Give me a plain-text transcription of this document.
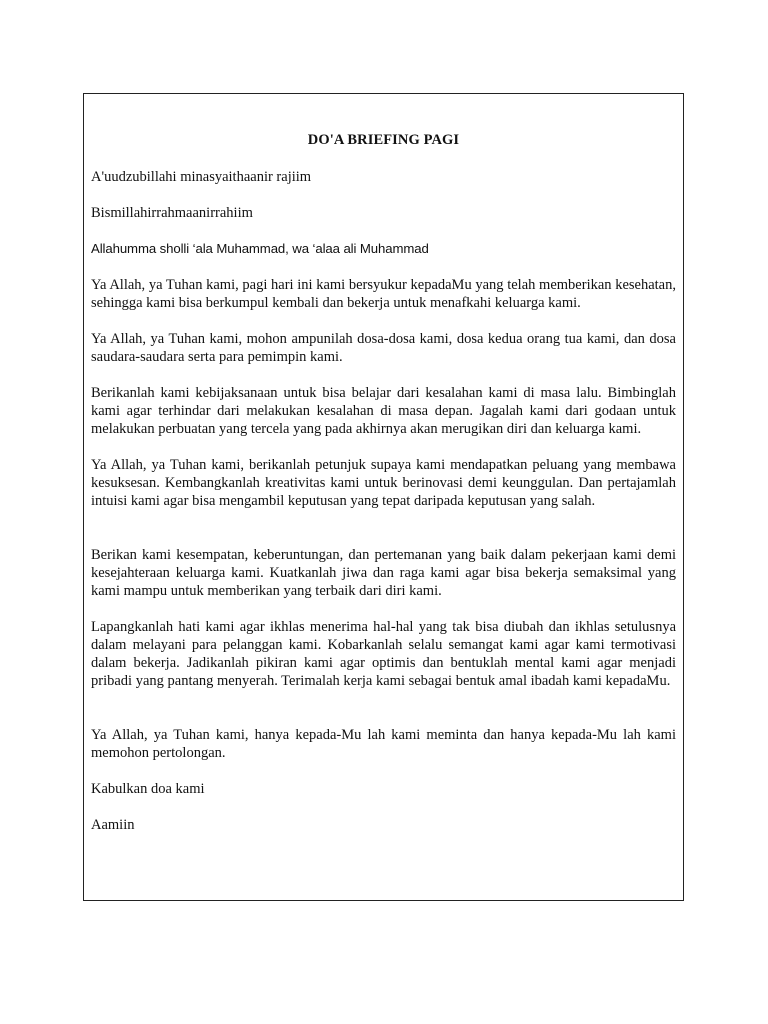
DO'A BRIEFING PAGI

A'uudzubillahi minasyaithaanir rajiim

Bismillahirrahmaanirrahiim

Allahumma sholli ‘ala Muhammad, wa ‘alaa ali Muhammad

Ya Allah, ya Tuhan kami, pagi hari ini kami bersyukur kepadaMu yang telah memberikan kesehatan, sehingga kami bisa berkumpul kembali dan bekerja untuk menafkahi keluarga kami.

Ya Allah, ya Tuhan kami, mohon ampunilah dosa-dosa kami, dosa kedua orang tua kami, dan dosa saudara-saudara serta para pemimpin kami.

Berikanlah kami kebijaksanaan untuk bisa belajar dari kesalahan kami di masa lalu. Bimbinglah kami agar terhindar dari melakukan kesalahan di masa depan. Jagalah kami dari godaan untuk melakukan perbuatan yang tercela yang pada akhirnya akan merugikan diri dan keluarga kami.

Ya Allah, ya Tuhan kami, berikanlah petunjuk supaya kami mendapatkan peluang yang membawa kesuksesan. Kembangkanlah kreativitas kami untuk berinovasi demi keunggulan. Dan pertajamlah intuisi kami agar bisa mengambil keputusan yang tepat daripada keputusan yang salah.

Berikan kami kesempatan, keberuntungan, dan pertemanan yang baik dalam pekerjaan kami demi kesejahteraan keluarga kami. Kuatkanlah jiwa dan raga kami agar bisa bekerja semaksimal yang kami mampu untuk memberikan yang terbaik dari diri kami.

Lapangkanlah hati kami agar ikhlas menerima hal-hal yang tak bisa diubah dan ikhlas setulusnya dalam melayani para pelanggan kami. Kobarkanlah selalu semangat kami agar kami termotivasi dalam bekerja. Jadikanlah pikiran kami agar optimis dan bentuklah mental kami agar menjadi pribadi yang pantang menyerah. Terimalah kerja kami sebagai bentuk amal ibadah kami kepadaMu.

Ya Allah, ya Tuhan kami, hanya kepada-Mu lah kami meminta dan hanya kepada-Mu lah kami memohon pertolongan.

Kabulkan doa kami

Aamiin
